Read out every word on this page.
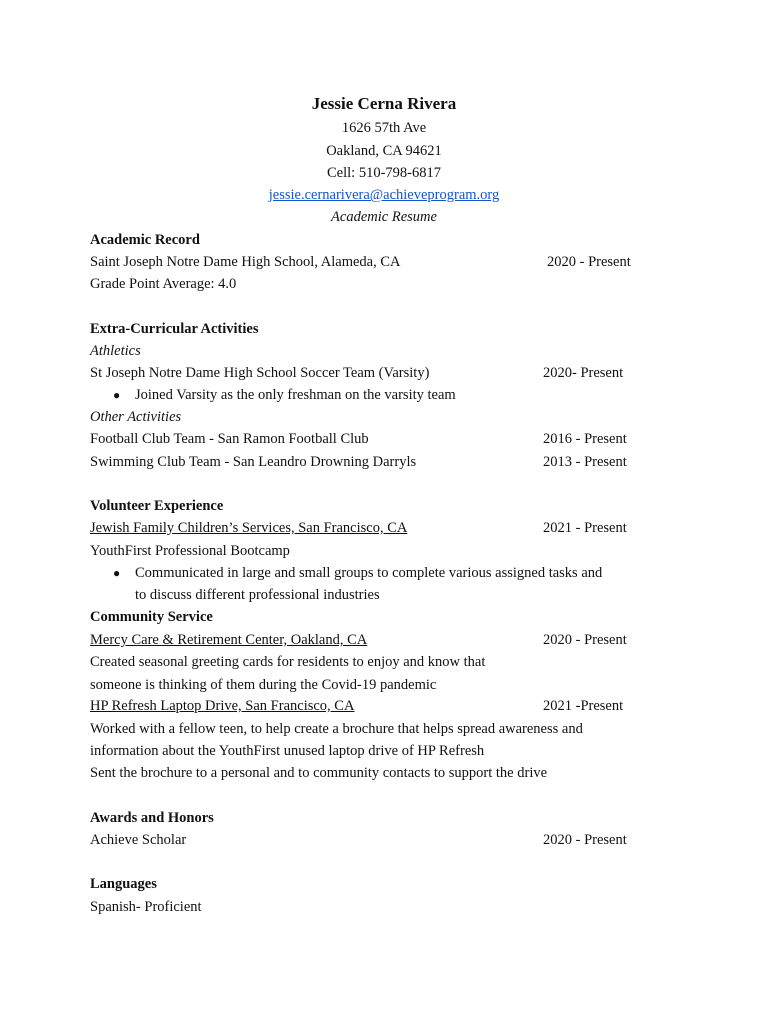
Jessie Cerna Rivera
1626 57th Ave
Oakland, CA 94621
Cell: 510-798-6817
jessie.cernarivera@achieveprogram.org
Academic Resume
Academic Record
Saint Joseph Notre Dame High School, Alameda, CA	2020 - Present
Grade Point Average: 4.0
Extra-Curricular Activities
Athletics
St Joseph Notre Dame High School Soccer Team (Varsity)	2020- Present
● Joined Varsity as the only freshman on the varsity team
Other Activities
Football Club Team - San Ramon Football Club	2016 - Present
Swimming Club Team - San Leandro Drowning Darryls	2013 - Present
Volunteer Experience
Jewish Family Children’s Services, San Francisco, CA	2021 - Present
YouthFirst Professional Bootcamp
● Communicated in large and small groups to complete various assigned tasks and
to discuss different professional industries
Community Service
Mercy Care & Retirement Center, Oakland, CA	2020 - Present
Created seasonal greeting cards for residents to enjoy and know that
someone is thinking of them during the Covid-19 pandemic
HP Refresh Laptop Drive, San Francisco, CA	2021 -Present
Worked with a fellow teen, to help create a brochure that helps spread awareness and
information about the YouthFirst unused laptop drive of HP Refresh
Sent the brochure to a personal and to community contacts to support the drive
Awards and Honors
Achieve Scholar	2020 - Present
Languages
Spanish- Proficient
